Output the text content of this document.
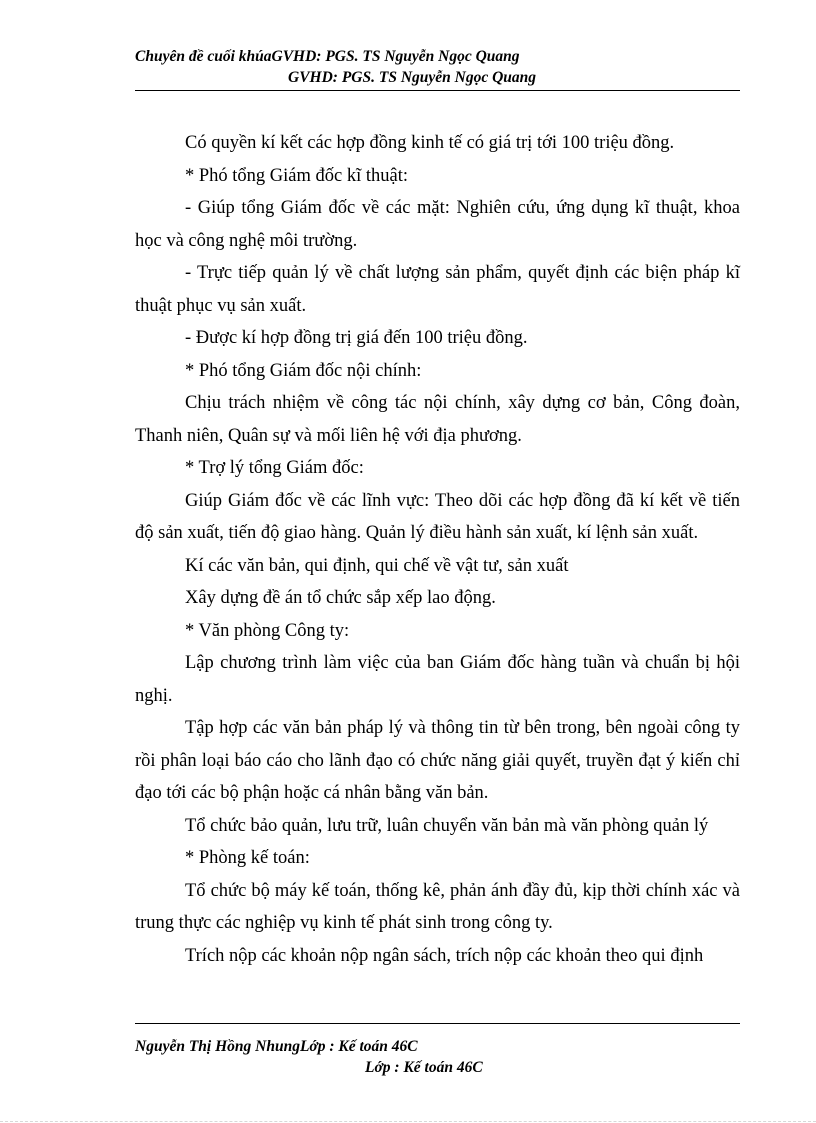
Chuyên đề cuối khúaGVHD: PGS. TS Nguyễn Ngọc Quang
GVHD: PGS. TS Nguyễn Ngọc Quang

Có quyền kí kết các hợp đồng kinh tế có giá trị tới 100 triệu đồng.

* Phó tổng Giám đốc kĩ thuật:

- Giúp tổng Giám đốc về các mặt: Nghiên cứu, ứng dụng kĩ thuật, khoa học và công nghệ môi trường.

- Trực tiếp quản lý về chất lượng sản phẩm, quyết định các biện pháp kĩ thuật phục vụ sản xuất.

- Được kí hợp đồng trị giá đến 100 triệu đồng.

* Phó tổng Giám đốc nội chính:

Chịu trách nhiệm về công tác nội chính, xây dựng cơ bản, Công đoàn, Thanh niên, Quân sự và mối liên hệ với địa phương.

* Trợ lý tổng Giám đốc:

Giúp Giám đốc về các lĩnh vực: Theo dõi các hợp đồng đã kí kết về tiến độ sản xuất, tiến độ giao hàng. Quản lý điều hành sản xuất, kí lệnh sản xuất.

Kí các văn bản, qui định, qui chế về vật tư, sản xuất

Xây dựng đề án tổ chức sắp xếp lao động.

* Văn phòng Công ty:

Lập chương trình làm việc của ban Giám đốc hàng tuần và chuẩn bị hội nghị.

Tập hợp các văn bản pháp lý và thông tin từ bên trong, bên ngoài công ty rồi phân loại báo cáo cho lãnh đạo có chức năng giải quyết, truyền đạt ý kiến chỉ đạo tới các bộ phận hoặc cá nhân bằng văn bản.

Tổ chức bảo quản, lưu trữ, luân chuyển văn bản mà văn phòng quản lý

* Phòng kế toán:

Tổ chức bộ máy kế toán, thống kê, phản ánh đầy đủ, kịp thời chính xác và trung thực các nghiệp vụ kinh tế phát sinh trong công ty.

Trích nộp các khoản nộp ngân sách, trích nộp các khoản theo qui định

Nguyễn Thị Hồng NhungLớp : Kế toán 46C
Lớp : Kế toán 46C
